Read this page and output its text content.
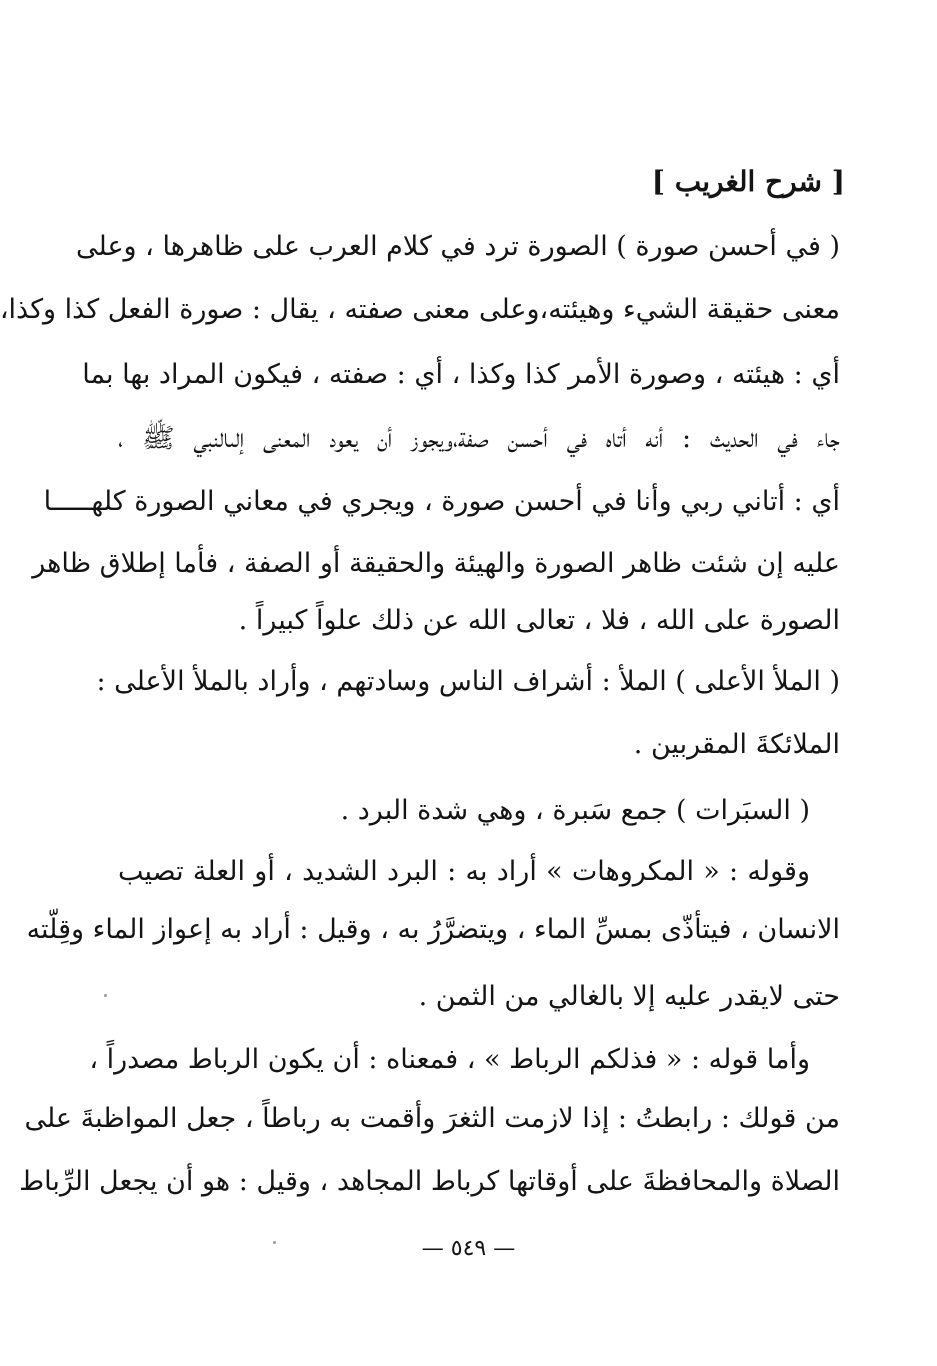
[ شرح الغريب ]
( في أحسن صورة ) الصورة ترد في كلام العرب على ظاهرها ، وعلى
معنى حقيقة الشيء وهيئته،وعلى معنى صفته ، يقال : صورة الفعل كذا وكذا،
أي : هيئته ، وصورة الأمر كذا وكذا ، أي : صفته ، فيكون المراد بها بما
جاء في الحديث : أنه أتاه في أحسن صفة،ويجوز أن يعود المعنى إلىالنبي ﷺ ،
أي : أتاني ربي وأنا في أحسن صورة ، ويجري في معاني الصورة كلهـــــا
عليه إن شئت ظاهر الصورة والهيئة والحقيقة أو الصفة ، فأما إطلاق ظاهر
الصورة على الله ، فلا ، تعالى الله عن ذلك علواً كبيراً .
( الملأ الأعلى ) الملأ : أشراف الناس وسادتهم ، وأراد بالملأ الأعلى :
الملائكةَ المقربين .
( السبَرات ) جمع سَبرة ، وهي شدة البرد .
وقوله : « المكروهات » أراد به : البرد الشديد ، أو العلة تصيب
الانسان ، فيتأذّى بمسِّ الماء ، ويتضرَّرُ به ، وقيل : أراد به إعواز الماء وقِلّته
حتى لايقدر عليه إلا بالغالي من الثمن .
وأما قوله : « فذلكم الرباط » ، فمعناه : أن يكون الرباط مصدراً ،
من قولك : رابطتُ : إذا لازمت الثغرَ وأقمت به رباطاً ، جعل المواظبةَ على
الصلاة والمحافظةَ على أوقاتها كرباط المجاهد ، وقيل : هو أن يجعل الرِّباط
— ٥٤٩ —
